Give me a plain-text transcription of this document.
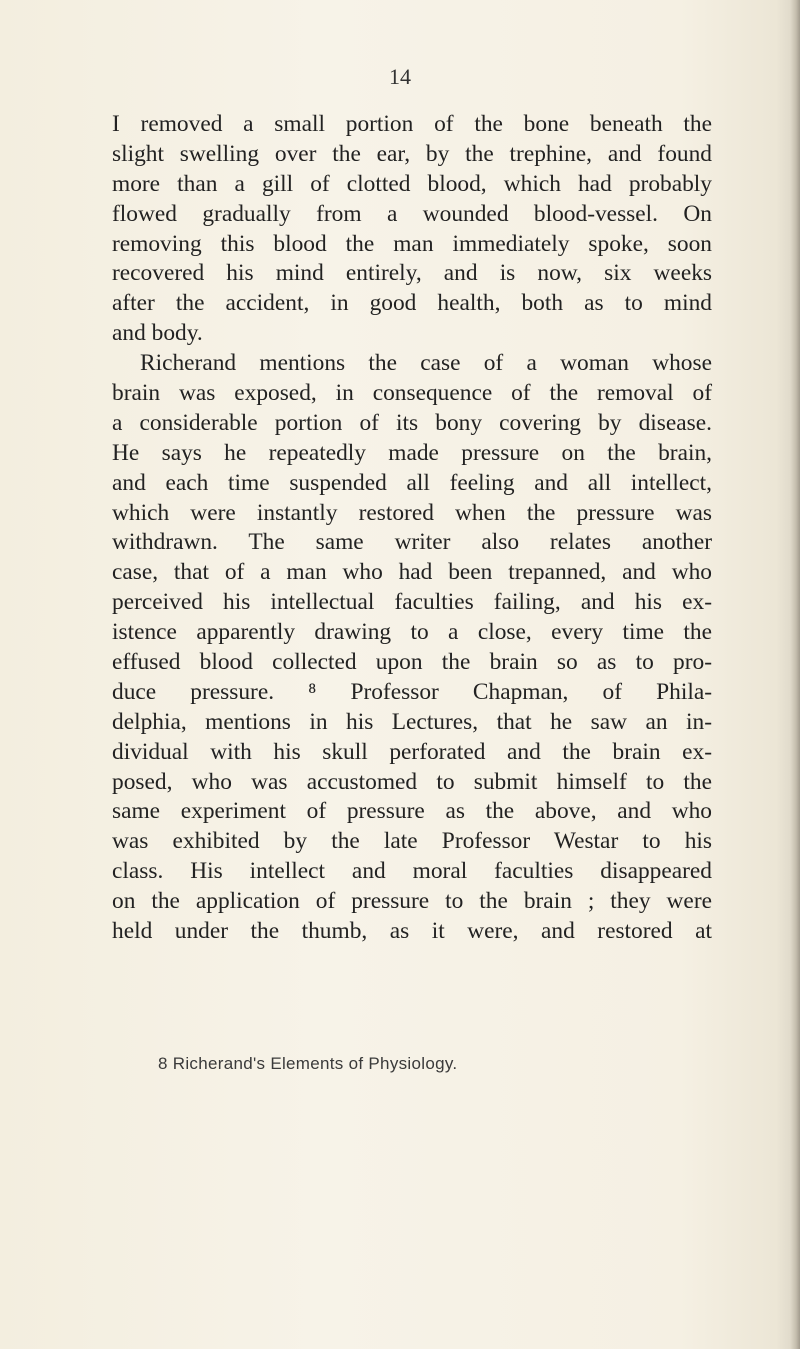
14
I removed a small portion of the bone beneath the
slight swelling over the ear, by the trephine, and found
more than a gill of clotted blood, which had probably
flowed gradually from a wounded blood-vessel. On
removing this blood the man immediately spoke, soon
recovered his mind entirely, and is now, six weeks
after the accident, in good health, both as to mind
and body.
Richerand mentions the case of a woman whose
brain was exposed, in consequence of the removal of
a considerable portion of its bony covering by disease.
He says he repeatedly made pressure on the brain,
and each time suspended all feeling and all intellect,
which were instantly restored when the pressure was
withdrawn. The same writer also relates another
case, that of a man who had been trepanned, and who
perceived his intellectual faculties failing, and his ex-
istence apparently drawing to a close, every time the
effused blood collected upon the brain so as to pro-
duce pressure. ⁸ Professor Chapman, of Phila-
delphia, mentions in his Lectures, that he saw an in-
dividual with his skull perforated and the brain ex-
posed, who was accustomed to submit himself to the
same experiment of pressure as the above, and who
was exhibited by the late Professor Westar to his
class. His intellect and moral faculties disappeared
on the application of pressure to the brain ; they were
held under the thumb, as it were, and restored at
8 Richerand's Elements of Physiology.
